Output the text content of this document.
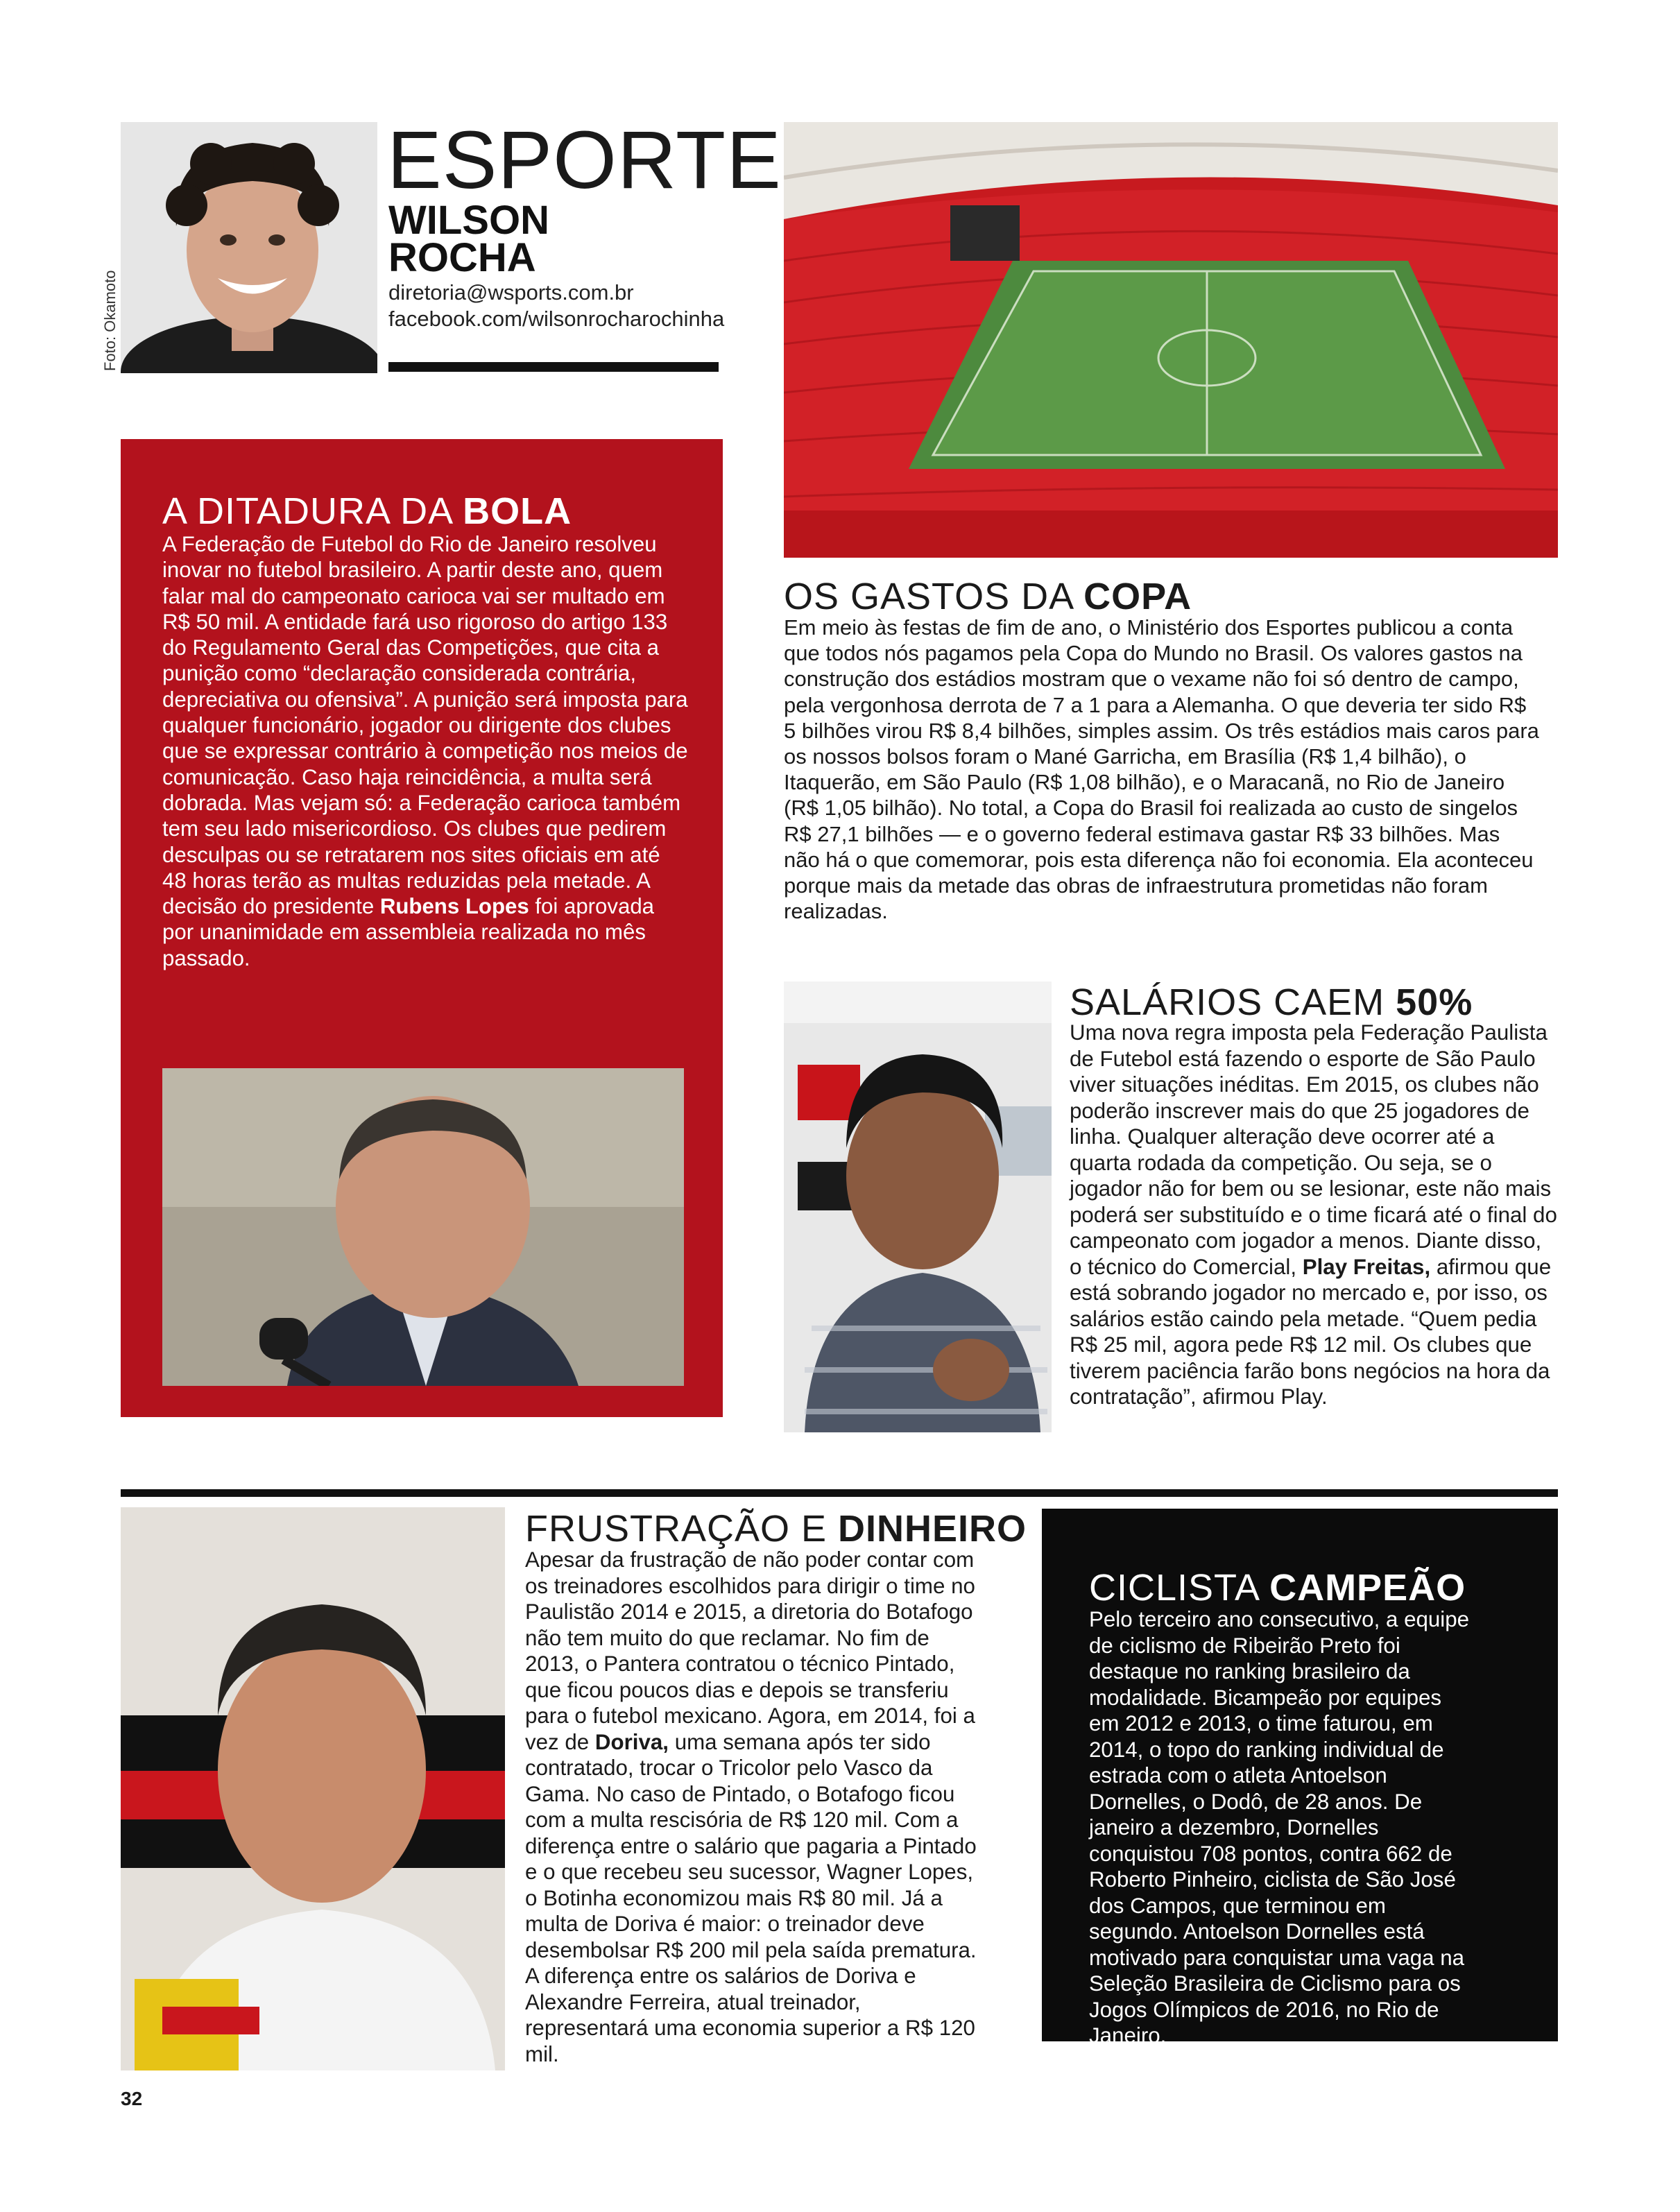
Foto: Okamoto
ESPORTE
WILSON
ROCHA
diretoria@wsports.com.br
facebook.com/wilsonrocharochinha
A DITADURA DA BOLA
A Federação de Futebol do Rio de Janeiro resolveu inovar no futebol brasileiro. A partir deste ano, quem falar mal do campeonato carioca vai ser multado em R$ 50 mil. A entidade fará uso rigoroso do artigo 133 do Regulamento Geral das Competições, que cita a punição como “declaração considerada contrária, depreciativa ou ofensiva”. A punição será imposta para qualquer funcionário, jogador ou dirigente dos clubes que se expressar contrário à competição nos meios de comunicação. Caso haja reincidência, a multa será dobrada. Mas vejam só: a Federação carioca também tem seu lado misericordioso. Os clubes que pedirem desculpas ou se retratarem nos sites oficiais em até 48 horas terão as multas reduzidas pela metade. A decisão do presidente Rubens Lopes foi aprovada por unanimidade em assembleia realizada no mês passado.
OS GASTOS DA COPA
Em meio às festas de fim de ano, o Ministério dos Esportes publicou a conta que todos nós pagamos pela Copa do Mundo no Brasil. Os valores gastos na construção dos estádios mostram que o vexame não foi só dentro de campo, pela vergonhosa derrota de 7 a 1 para a Alemanha. O que deveria ter sido R$ 5 bilhões virou R$ 8,4 bilhões, simples assim. Os três estádios mais caros para os nossos bolsos foram o Mané Garricha, em Brasília (R$ 1,4 bilhão), o Itaquerão, em São Paulo (R$ 1,08 bilhão), e o Maracanã, no Rio de Janeiro (R$ 1,05 bilhão). No total, a Copa do Brasil foi realizada ao custo de singelos R$ 27,1 bilhões — e o governo federal estimava gastar R$ 33 bilhões. Mas não há o que comemorar, pois esta diferença não foi economia. Ela aconteceu porque mais da metade das obras de infraestrutura prometidas não foram realizadas.
SALÁRIOS CAEM 50%
Uma nova regra imposta pela Federação Paulista de Futebol está fazendo o esporte de São Paulo viver situações inéditas. Em 2015, os clubes não poderão inscrever mais do que 25 jogadores de linha. Qualquer alteração deve ocorrer até a quarta rodada da competição. Ou seja, se o jogador não for bem ou se lesionar, este não mais poderá ser substituído e o time ficará até o final do campeonato com jogador a menos. Diante disso, o técnico do Comercial, Play Freitas, afirmou que está sobrando jogador no mercado e, por isso, os salários estão caindo pela metade. “Quem pedia R$ 25 mil, agora pede R$ 12 mil. Os clubes que tiverem paciência farão bons negócios na hora da contratação”, afirmou Play.
FRUSTRAÇÃO E DINHEIRO
Apesar da frustração de não poder contar com os treinadores escolhidos para dirigir o time no Paulistão 2014 e 2015, a diretoria do Botafogo não tem muito do que reclamar. No fim de 2013, o Pantera contratou o técnico Pintado, que ficou poucos dias e depois se transferiu para o futebol mexicano. Agora, em 2014, foi a vez de Doriva, uma semana após ter sido contratado, trocar o Tricolor pelo Vasco da Gama. No caso de Pintado, o Botafogo ficou com a multa rescisória de R$ 120 mil. Com a diferença entre o salário que pagaria a Pintado e o que recebeu seu sucessor, Wagner Lopes, o Botinha economizou mais R$ 80 mil. Já a multa de Doriva é maior: o treinador deve desembolsar R$ 200 mil pela saída prematura. A diferença entre os salários de Doriva e Alexandre Ferreira, atual treinador, representará uma economia superior a R$ 120 mil.
CICLISTA CAMPEÃO
Pelo terceiro ano consecutivo, a equipe de ciclismo de Ribeirão Preto foi destaque no ranking brasileiro da modalidade. Bicampeão por equipes em 2012 e 2013, o time faturou, em 2014, o topo do ranking individual de estrada com o atleta Antoelson Dornelles, o Dodô, de 28 anos. De janeiro a dezembro, Dornelles conquistou 708 pontos, contra 662 de Roberto Pinheiro, ciclista de São José dos Campos, que terminou em segundo. Antoelson Dornelles está motivado para conquistar uma vaga na Seleção Brasileira de Ciclismo para os Jogos Olímpicos de 2016, no Rio de Janeiro.
32
